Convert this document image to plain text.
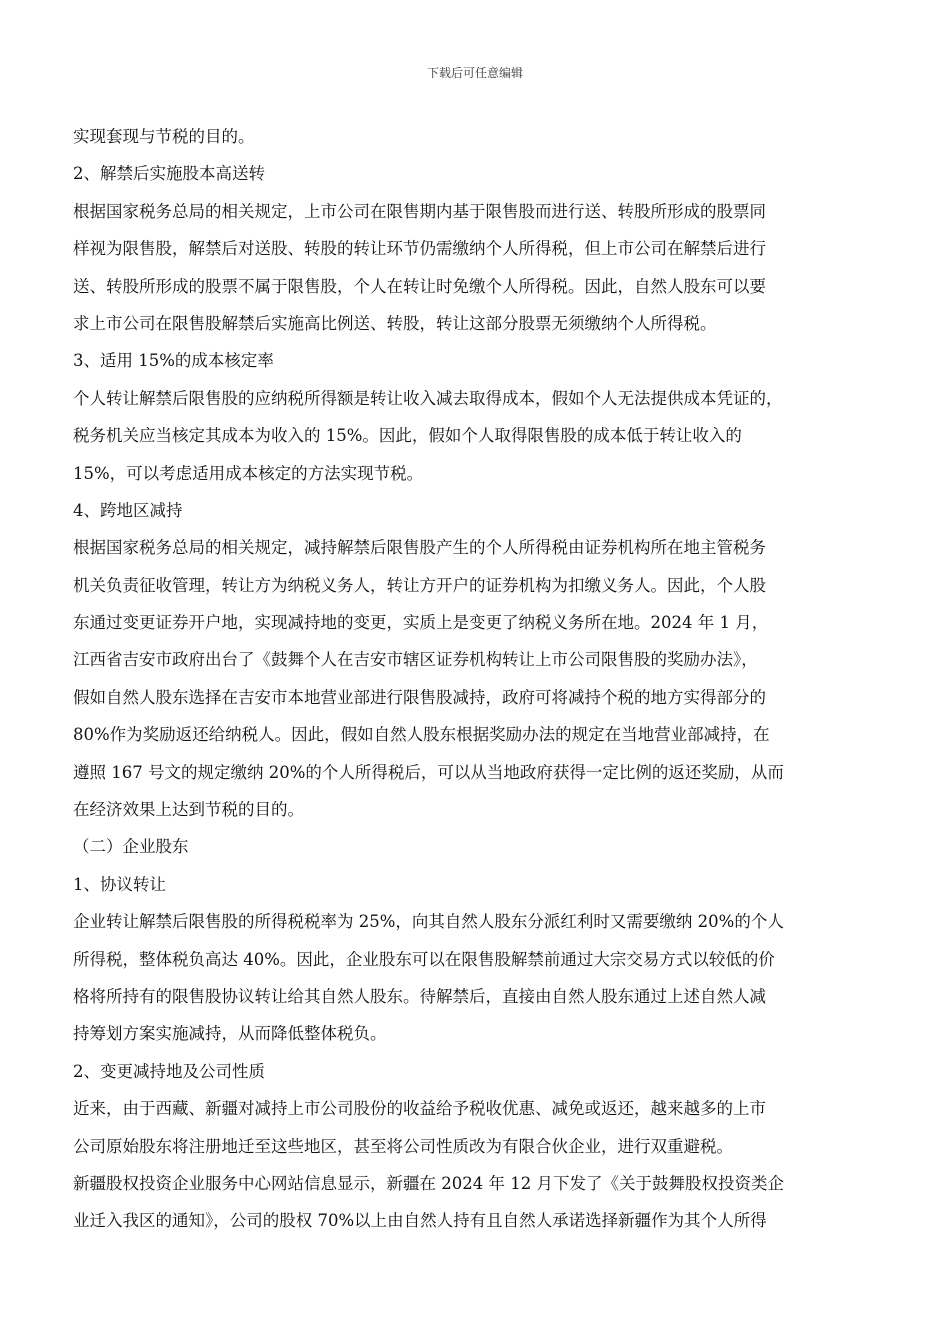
下载后可任意编辑
实现套现与节税的目的。
2、解禁后实施股本高送转
根据国家税务总局的相关规定，上市公司在限售期内基于限售股而进行送、转股所形成的股票同
样视为限售股，解禁后对送股、转股的转让环节仍需缴纳个人所得税，但上市公司在解禁后进行
送、转股所形成的股票不属于限售股，个人在转让时免缴个人所得税。因此，自然人股东可以要
求上市公司在限售股解禁后实施高比例送、转股，转让这部分股票无须缴纳个人所得税。
3、适用 15%的成本核定率
个人转让解禁后限售股的应纳税所得额是转让收入减去取得成本，假如个人无法提供成本凭证的，
税务机关应当核定其成本为收入的 15%。因此，假如个人取得限售股的成本低于转让收入的
15%，可以考虑适用成本核定的方法实现节税。
4、跨地区减持
根据国家税务总局的相关规定，减持解禁后限售股产生的个人所得税由证券机构所在地主管税务
机关负责征收管理，转让方为纳税义务人，转让方开户的证券机构为扣缴义务人。因此，个人股
东通过变更证券开户地，实现减持地的变更，实质上是变更了纳税义务所在地。2024 年 1 月，
江西省吉安市政府出台了《鼓舞个人在吉安市辖区证券机构转让上市公司限售股的奖励办法》，
假如自然人股东选择在吉安市本地营业部进行限售股减持，政府可将减持个税的地方实得部分的
80%作为奖励返还给纳税人。因此，假如自然人股东根据奖励办法的规定在当地营业部减持，在
遵照 167 号文的规定缴纳 20%的个人所得税后，可以从当地政府获得一定比例的返还奖励，从而
在经济效果上达到节税的目的。
（二）企业股东
1、协议转让
企业转让解禁后限售股的所得税税率为 25%，向其自然人股东分派红利时又需要缴纳 20%的个人
所得税，整体税负高达 40%。因此，企业股东可以在限售股解禁前通过大宗交易方式以较低的价
格将所持有的限售股协议转让给其自然人股东。待解禁后，直接由自然人股东通过上述自然人减
持筹划方案实施减持，从而降低整体税负。
2、变更减持地及公司性质
近来，由于西藏、新疆对减持上市公司股份的收益给予税收优惠、减免或返还，越来越多的上市
公司原始股东将注册地迁至这些地区，甚至将公司性质改为有限合伙企业，进行双重避税。
新疆股权投资企业服务中心网站信息显示，新疆在 2024 年 12 月下发了《关于鼓舞股权投资类企
业迁入我区的通知》，公司的股权 70%以上由自然人持有且自然人承诺选择新疆作为其个人所得
